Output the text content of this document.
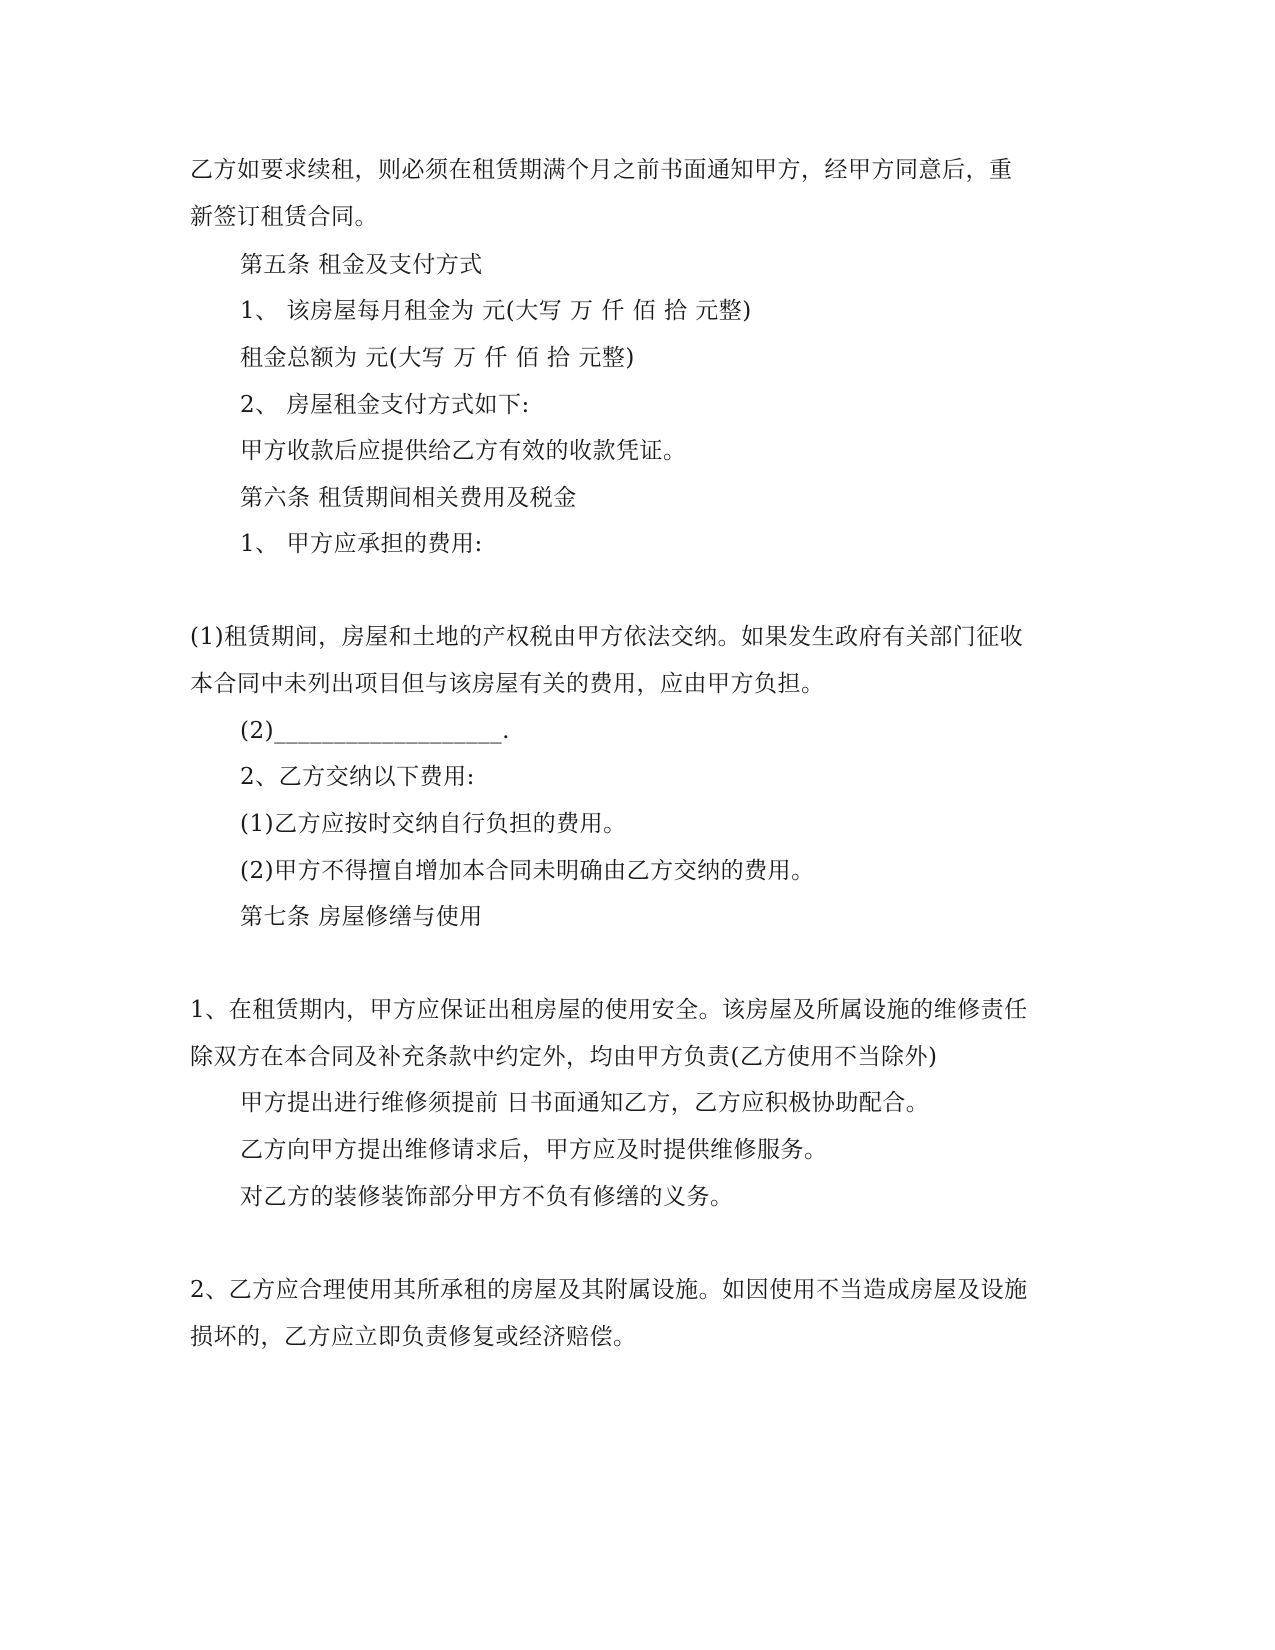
乙方如要求续租，则必须在租赁期满个月之前书面通知甲方，经甲方同意后，重
新签订租赁合同。
第五条 租金及支付方式
1、 该房屋每月租金为 元(大写 万 仟 佰 拾 元整)
租金总额为 元(大写 万 仟 佰 拾 元整)
2、 房屋租金支付方式如下:
甲方收款后应提供给乙方有效的收款凭证。
第六条 租赁期间相关费用及税金
1、 甲方应承担的费用:
(1)租赁期间，房屋和土地的产权税由甲方依法交纳。如果发生政府有关部门征收
本合同中未列出项目但与该房屋有关的费用，应由甲方负担。
(2)___________________.
2、乙方交纳以下费用:
(1)乙方应按时交纳自行负担的费用。
(2)甲方不得擅自增加本合同未明确由乙方交纳的费用。
第七条 房屋修缮与使用
1、在租赁期内，甲方应保证出租房屋的使用安全。该房屋及所属设施的维修责任
除双方在本合同及补充条款中约定外，均由甲方负责(乙方使用不当除外)
甲方提出进行维修须提前 日书面通知乙方，乙方应积极协助配合。
乙方向甲方提出维修请求后，甲方应及时提供维修服务。
对乙方的装修装饰部分甲方不负有修缮的义务。
2、乙方应合理使用其所承租的房屋及其附属设施。如因使用不当造成房屋及设施
损坏的，乙方应立即负责修复或经济赔偿。
